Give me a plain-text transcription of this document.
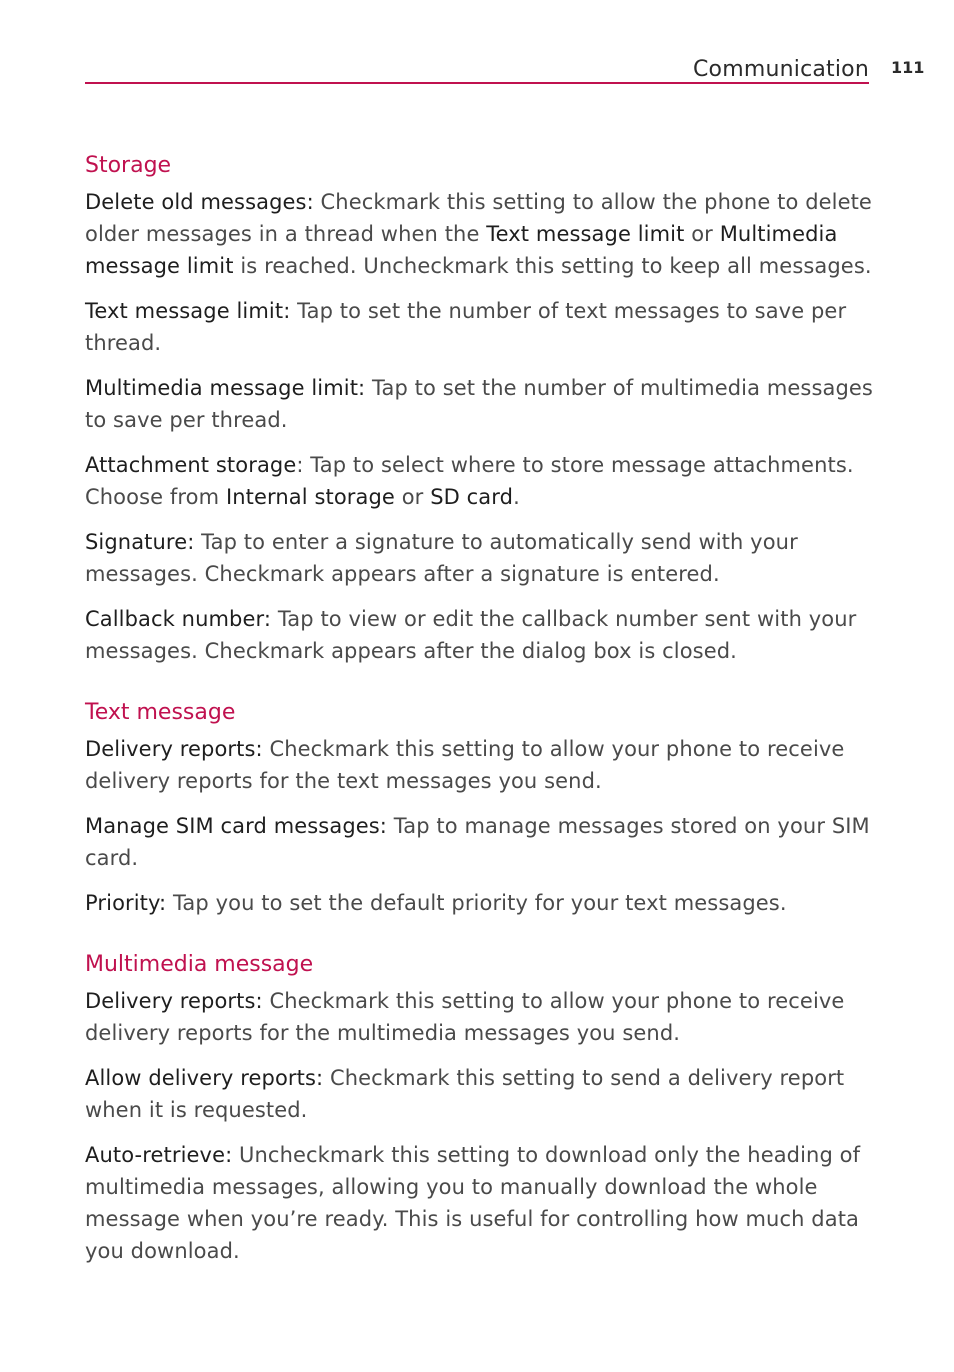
Communication 111
Storage

Delete old messages: Checkmark this setting to allow the phone to delete older messages in a thread when the Text message limit or Multimedia message limit is reached. Uncheckmark this setting to keep all messages.

Text message limit: Tap to set the number of text messages to save per thread.

Multimedia message limit: Tap to set the number of multimedia messages to save per thread.

Attachment storage: Tap to select where to store message attachments. Choose from Internal storage or SD card.

Signature: Tap to enter a signature to automatically send with your messages. Checkmark appears after a signature is entered.

Callback number: Tap to view or edit the callback number sent with your messages. Checkmark appears after the dialog box is closed.

Text message

Delivery reports: Checkmark this setting to allow your phone to receive delivery reports for the text messages you send.

Manage SIM card messages: Tap to manage messages stored on your SIM card.

Priority: Tap you to set the default priority for your text messages.

Multimedia message

Delivery reports: Checkmark this setting to allow your phone to receive delivery reports for the multimedia messages you send.

Allow delivery reports: Checkmark this setting to send a delivery report when it is requested.

Auto-retrieve: Uncheckmark this setting to download only the heading of multimedia messages, allowing you to manually download the whole message when you’re ready. This is useful for controlling how much data you download.
